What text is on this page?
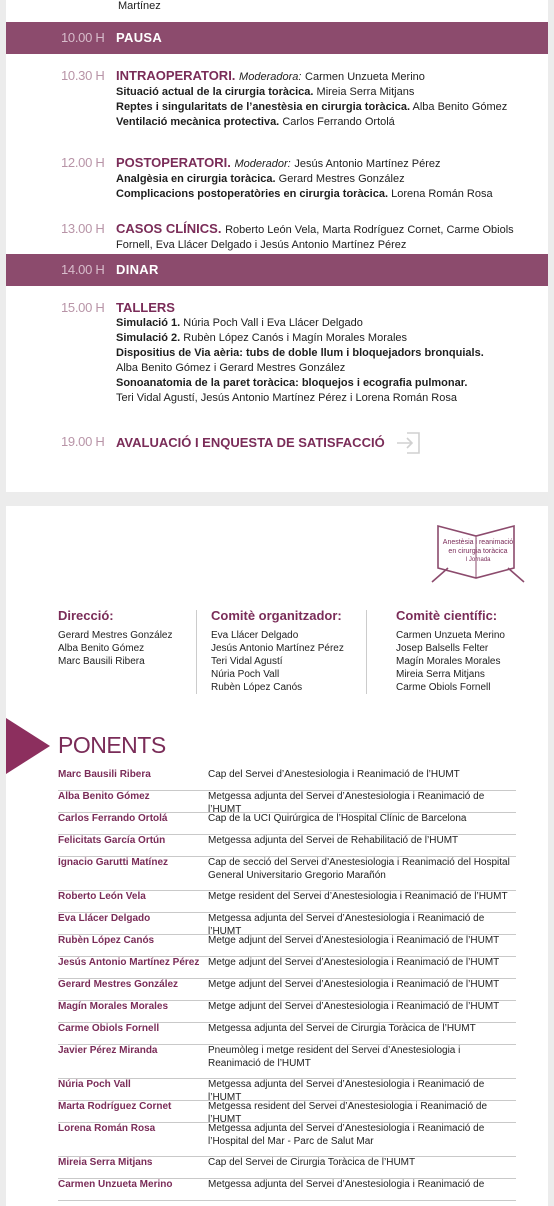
Martínez
10.00 H PAUSA
10.30 H INTRAOPERATORI. Moderadora: Carmen Unzueta Merino
Situació actual de la cirurgia toràcica. Mireia Serra Mitjans
Reptes i singularitats de l’anestèsia en cirurgia toràcica. Alba Benito Gómez
Ventilació mecànica protectiva. Carlos Ferrando Ortolá
12.00 H POSTOPERATORI. Moderador: Jesús Antonio Martínez Pérez
Analgèsia en cirurgia toràcica. Gerard Mestres González
Complicacions postoperatòries en cirurgia toràcica. Lorena Román Rosa
13.00 H CASOS CLÍNICS. Roberto León Vela, Marta Rodríguez Cornet, Carme Obiols
Fornell, Eva Llácer Delgado i Jesús Antonio Martínez Pérez
14.00 H DINAR
15.00 H TALLERS
Simulació 1. Núria Poch Vall i Eva Llácer Delgado
Simulació 2. Rubèn López Canós i Magín Morales Morales
Dispositius de Via aèria: tubs de doble llum i bloquejadors bronquials.
Alba Benito Gómez i Gerard Mestres González
Sonoanatomia de la paret toràcica: bloquejos i ecografia pulmonar.
Teri Vidal Agustí, Jesús Antonio Martínez Pérez i Lorena Román Rosa
19.00 H AVALUACIÓ I ENQUESTA DE SATISFACCIÓ
Anestèsia i reanimació
en cirurgia toràcica
I Jornada
Direcció:
Gerard Mestres González
Alba Benito Gómez
Marc Bausili Ribera
Comitè organitzador:
Eva Llácer Delgado
Jesús Antonio Martínez Pérez
Teri Vidal Agustí
Núria Poch Vall
Rubèn López Canós
Comitè científic:
Carmen Unzueta Merino
Josep Balsells Felter
Magín Morales Morales
Mireia Serra Mitjans
Carme Obiols Fornell
PONENTS
Marc Bausili Ribera	Cap del Servei d’Anestesiologia i Reanimació de l’HUMT
Alba Benito Gómez	Metgessa adjunta del Servei d’Anestesiologia i Reanimació de l’HUMT
Carlos Ferrando Ortolá	Cap de la UCI Quirúrgica de l’Hospital Clínic de Barcelona
Felicitats García Ortún	Metgessa adjunta del Servei de Rehabilitació de l’HUMT
Ignacio Garutti Matínez	Cap de secció del Servei d’Anestesiologia i Reanimació del Hospital General Universitario Gregorio Marañón
Roberto León Vela	Metge resident del Servei d’Anestesiologia i Reanimació de l’HUMT
Eva Llácer Delgado	Metgessa adjunta del Servei d’Anestesiologia i Reanimació de l’HUMT
Rubèn López Canós	Metge adjunt del Servei d’Anestesiologia i Reanimació de l’HUMT
Jesús Antonio Martínez Pérez Metge adjunt del Servei d’Anestesiologia i Reanimació de l’HUMT
Gerard Mestres González	Metge adjunt del Servei d’Anestesiologia i Reanimació de l’HUMT
Magín Morales Morales	Metge adjunt del Servei d’Anestesiologia i Reanimació de l’HUMT
Carme Obiols Fornell	Metgessa adjunta del Servei de Cirurgia Toràcica de l’HUMT
Javier Pérez Miranda	Pneumòleg i metge resident del Servei d’Anestesiologia i Reanimació de l’HUMT
Núria Poch Vall	Metgessa adjunta del Servei d’Anestesiologia i Reanimació de l’HUMT
Marta Rodríguez Cornet	Metgessa resident del Servei d’Anestesiologia i Reanimació de l’HUMT
Lorena Román Rosa	Metgessa adjunta del Servei d’Anestesiologia i Reanimació de l’Hospital del Mar - Parc de Salut Mar
Mireia Serra Mitjans	Cap del Servei de Cirurgia Toràcica de l’HUMT
Carmen Unzueta Merino	Metgessa adjunta del Servei d’Anestesiologia i Reanimació de
